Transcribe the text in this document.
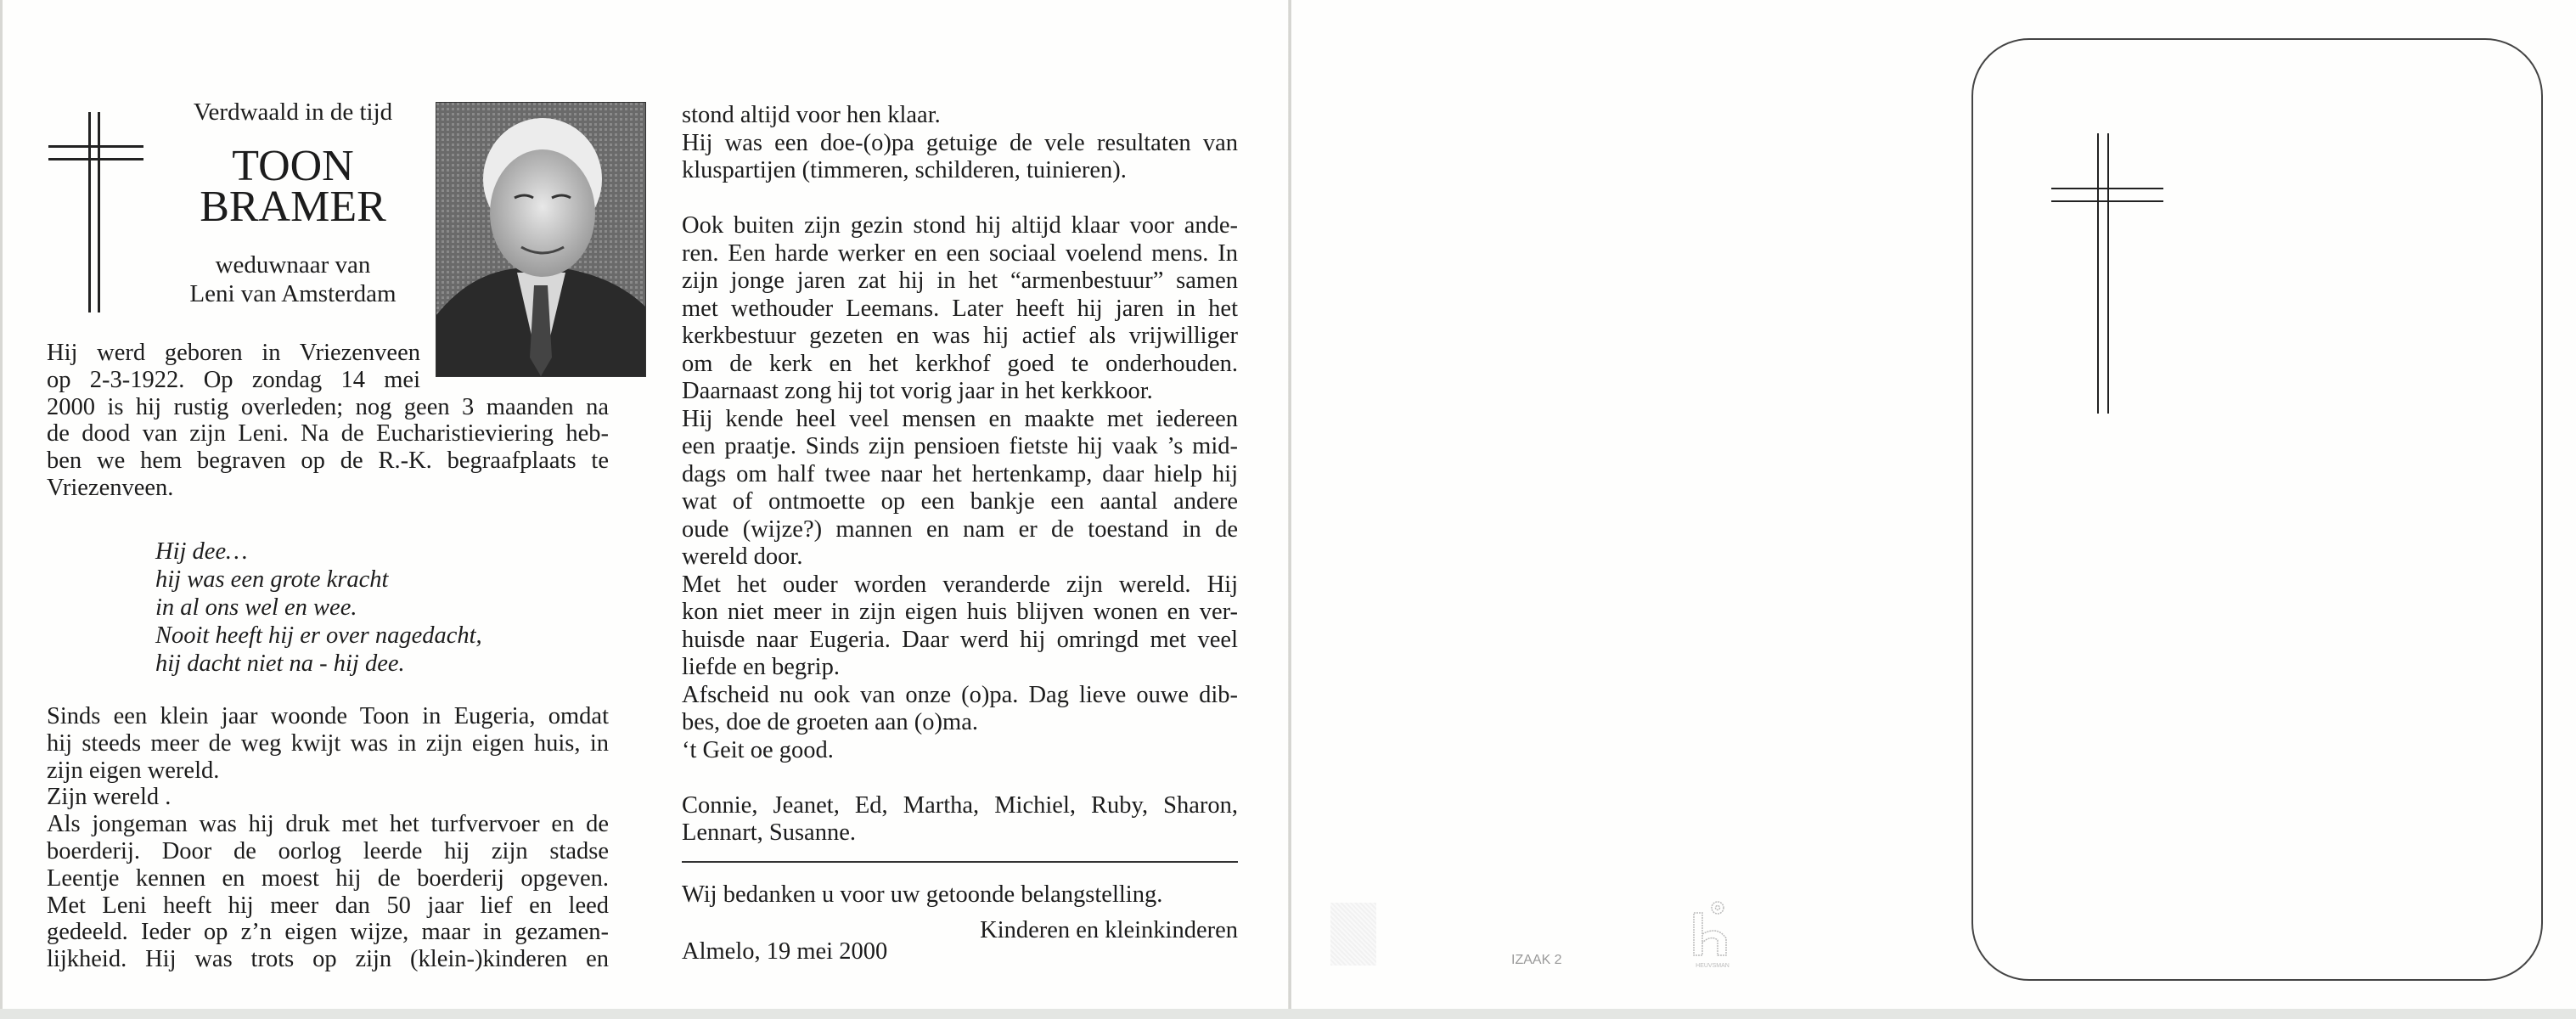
Verdwaald in de tijd
TOON
BRAMER
weduwnaar van
Leni van Amsterdam
Hij werd geboren in Vriezenveen
op 2-3-1922. Op zondag 14 mei
2000 is hij rustig overleden; nog geen 3 maanden na
de dood van zijn Leni. Na de Eucharistieviering heb-
ben we hem begraven op de R.-K. begraafplaats te
Vriezenveen.
Hij dee…
hij was een grote kracht
in al ons wel en wee.
Nooit heeft hij er over nagedacht,
hij dacht niet na - hij dee.
Sinds een klein jaar woonde Toon in Eugeria, omdat
hij steeds meer de weg kwijt was in zijn eigen huis, in
zijn eigen wereld.
Zijn wereld .
Als jongeman was hij druk met het turfvervoer en de
boerderij. Door de oorlog leerde hij zijn stadse
Leentje kennen en moest hij de boerderij opgeven.
Met Leni heeft hij meer dan 50 jaar lief en leed
gedeeld. Ieder op z’n eigen wijze, maar in gezamen-
lijkheid. Hij was trots op zijn (klein-)kinderen en
stond altijd voor hen klaar.
Hij was een doe-(o)pa getuige de vele resultaten van
kluspartijen (timmeren, schilderen, tuinieren).
Ook buiten zijn gezin stond hij altijd klaar voor ande-
ren. Een harde werker en een sociaal voelend mens. In
zijn jonge jaren zat hij in het “armenbestuur” samen
met wethouder Leemans. Later heeft hij jaren in het
kerkbestuur gezeten en was hij actief als vrijwilliger
om de kerk en het kerkhof goed te onderhouden.
Daarnaast zong hij tot vorig jaar in het kerkkoor.
Hij kende heel veel mensen en maakte met iedereen
een praatje. Sinds zijn pensioen fietste hij vaak ’s mid-
dags om half twee naar het hertenkamp, daar hielp hij
wat of ontmoette op een bankje een aantal andere
oude (wijze?) mannen en nam er de toestand in de
wereld door.
Met het ouder worden veranderde zijn wereld. Hij
kon niet meer in zijn eigen huis blijven wonen en ver-
huisde naar Eugeria. Daar werd hij omringd met veel
liefde en begrip.
Afscheid nu ook van onze (o)pa. Dag lieve ouwe dib-
bes, doe de groeten aan (o)ma.
‘t Geit oe good.
Connie, Jeanet, Ed, Martha, Michiel, Ruby, Sharon,
Lennart, Susanne.
Wij bedanken u voor uw getoonde belangstelling.
Kinderen en kleinkinderen
Almelo, 19 mei 2000	IZAAK 2	HEUVSMAN
